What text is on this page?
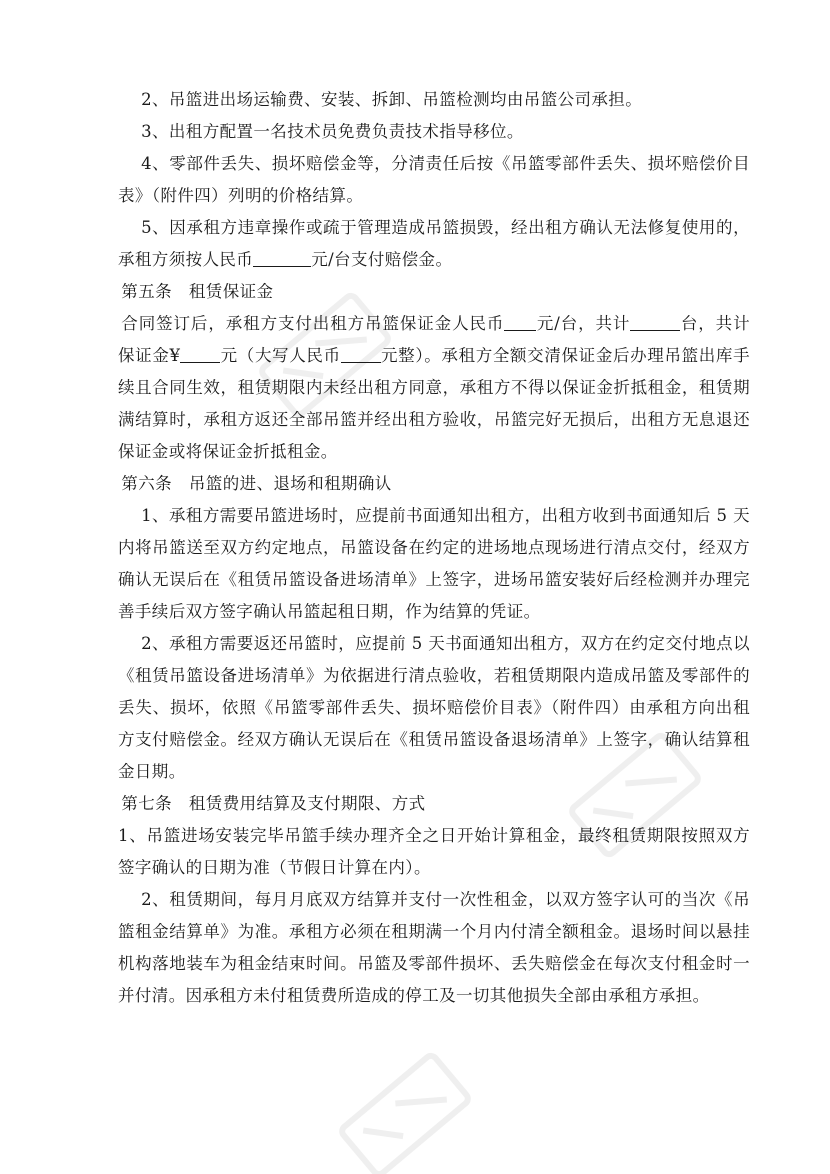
2、吊篮进出场运输费、安装、拆卸、吊篮检测均由吊篮公司承担。

3、出租方配置一名技术员免费负责技术指导移位。

4、零部件丢失、损坏赔偿金等，分清责任后按《吊篮零部件丢失、损坏赔偿价目表》（附件四）列明的价格结算。

5、因承租方违章操作或疏于管理造成吊篮损毁，经出租方确认无法修复使用的，承租方须按人民币	元/台支付赔偿金。

第五条　租赁保证金

合同签订后，承租方支付出租方吊篮保证金人民币 元/台，共计	台，共计保证金¥ 元（大写人民币 元整）。承租方全额交清保证金后办理吊篮出库手续且合同生效，租赁期限内未经出租方同意，承租方不得以保证金折抵租金，租赁期满结算时，承租方返还全部吊篮并经出租方验收，吊篮完好无损后，出租方无息退还保证金或将保证金折抵租金。

第六条　吊篮的进、退场和租期确认

1、承租方需要吊篮进场时，应提前书面通知出租方，出租方收到书面通知后 5 天内将吊篮送至双方约定地点，吊篮设备在约定的进场地点现场进行清点交付，经双方确认无误后在《租赁吊篮设备进场清单》上签字，进场吊篮安装好后经检测并办理完善手续后双方签字确认吊篮起租日期，作为结算的凭证。

2、承租方需要返还吊篮时，应提前 5 天书面通知出租方，双方在约定交付地点以《租赁吊篮设备进场清单》为依据进行清点验收，若租赁期限内造成吊篮及零部件的丢失、损坏，依照《吊篮零部件丢失、损坏赔偿价目表》（附件四）由承租方向出租方支付赔偿金。经双方确认无误后在《租赁吊篮设备退场清单》上签字，确认结算租金日期。

第七条　租赁费用结算及支付期限、方式

1、吊篮进场安装完毕吊篮手续办理齐全之日开始计算租金，最终租赁期限按照双方签字确认的日期为准（节假日计算在内）。

2、租赁期间，每月月底双方结算并支付一次性租金，以双方签字认可的当次《吊篮租金结算单》为准。承租方必须在租期满一个月内付清全额租金。退场时间以悬挂机构落地装车为租金结束时间。吊篮及零部件损坏、丢失赔偿金在每次支付租金时一并付清。因承租方未付租赁费所造成的停工及一切其他损失全部由承租方承担。
